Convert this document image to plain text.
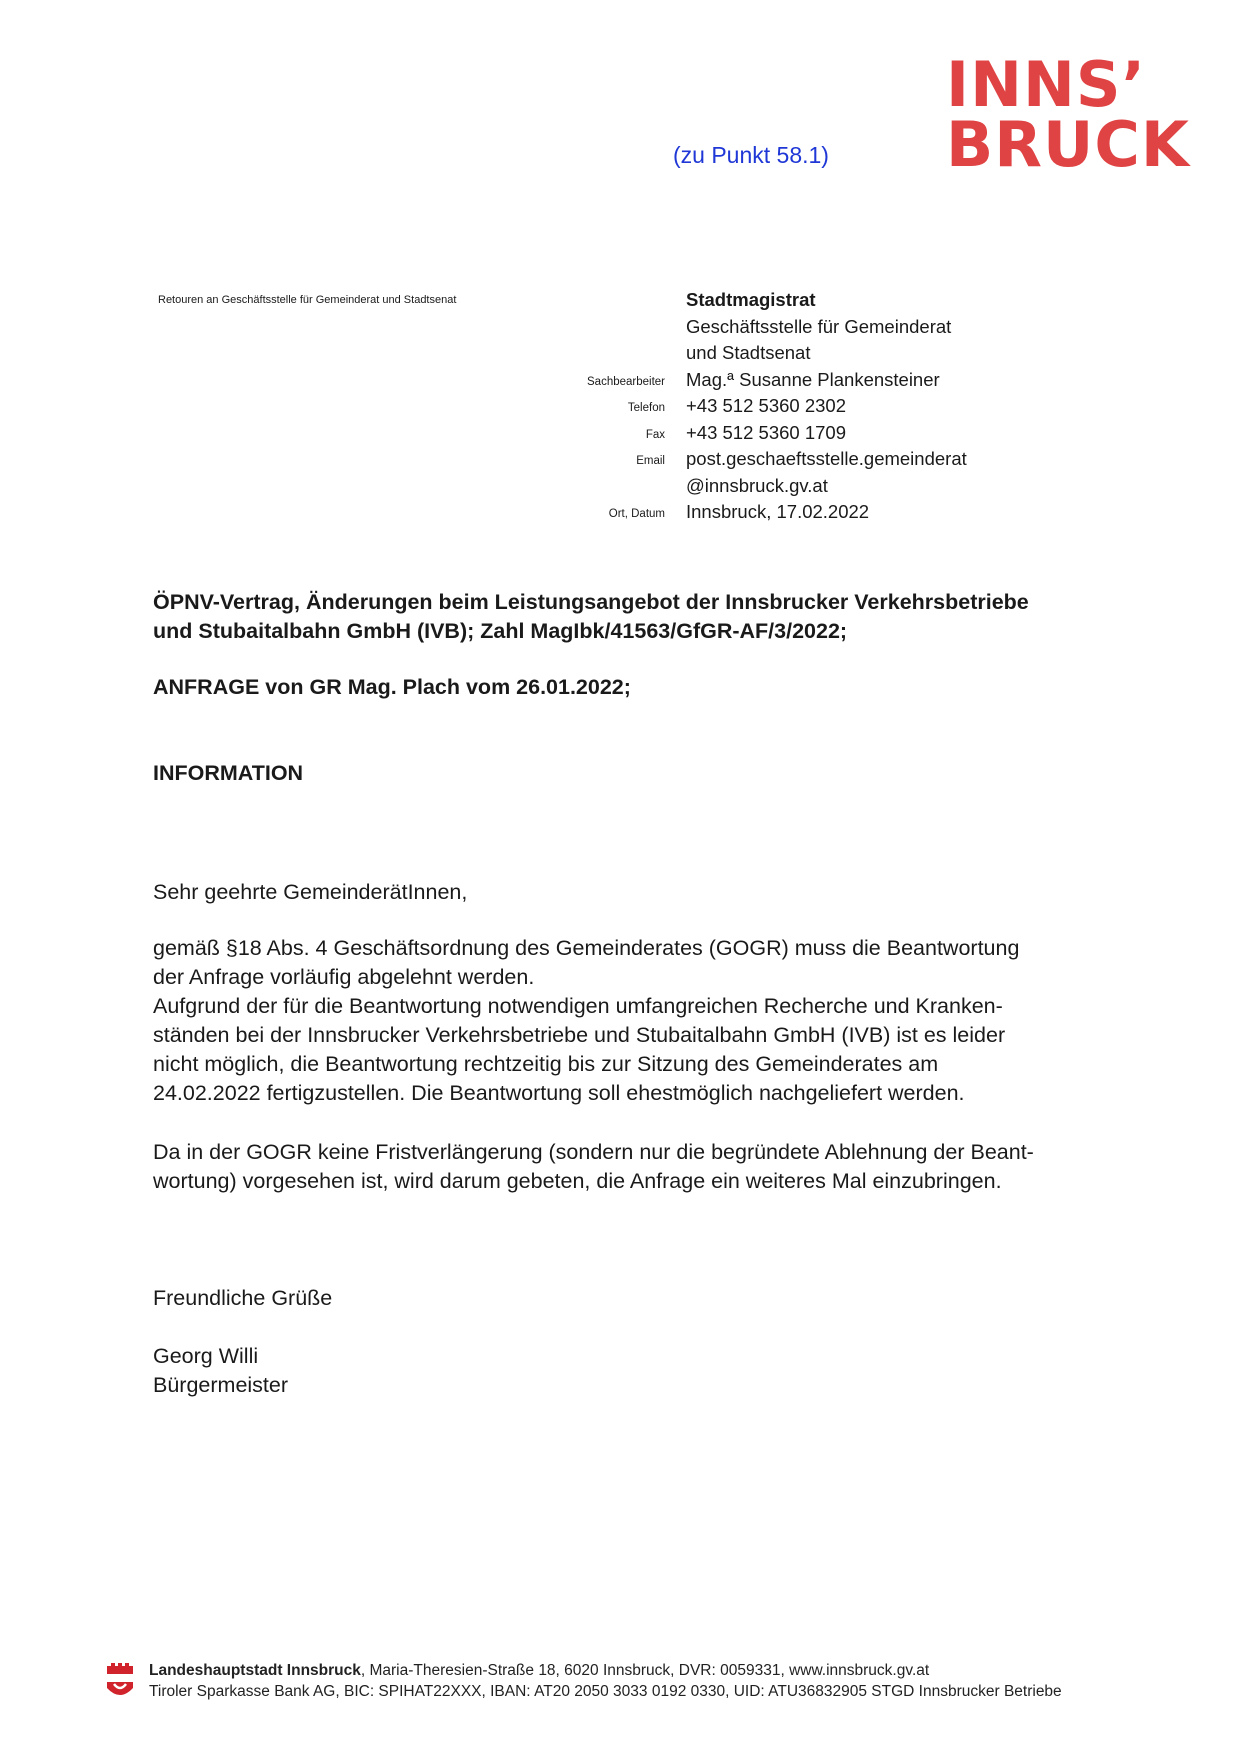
(zu Punkt 58.1)
INNS’
BRUCK
Retouren an Geschäftsstelle für Gemeinderat und Stadtsenat
Sachbearbeiter
Telefon
Fax
Email
Ort, Datum
Stadtmagistrat
Geschäftsstelle für Gemeinderat
und Stadtsenat
Mag.ª Susanne Plankensteiner
+43 512 5360 2302
+43 512 5360 1709
post.geschaeftsstelle.gemeinderat
@innsbruck.gv.at
Innsbruck, 17.02.2022
ÖPNV-Vertrag, Änderungen beim Leistungsangebot der Innsbrucker Verkehrsbetriebe
und Stubaitalbahn GmbH (IVB); Zahl MagIbk/41563/GfGR-AF/3/2022;
ANFRAGE von GR Mag. Plach vom 26.01.2022;
INFORMATION
Sehr geehrte GemeinderätInnen,
gemäß §18 Abs. 4 Geschäftsordnung des Gemeinderates (GOGR) muss die Beantwortung
der Anfrage vorläufig abgelehnt werden.
Aufgrund der für die Beantwortung notwendigen umfangreichen Recherche und Kranken-
ständen bei der Innsbrucker Verkehrsbetriebe und Stubaitalbahn GmbH (IVB) ist es leider
nicht möglich, die Beantwortung rechtzeitig bis zur Sitzung des Gemeinderates am
24.02.2022 fertigzustellen. Die Beantwortung soll ehestmöglich nachgeliefert werden.
Da in der GOGR keine Fristverlängerung (sondern nur die begründete Ablehnung der Beant-
wortung) vorgesehen ist, wird darum gebeten, die Anfrage ein weiteres Mal einzubringen.
Freundliche Grüße
Georg Willi
Bürgermeister
Landeshauptstadt Innsbruck, Maria-Theresien-Straße 18, 6020 Innsbruck, DVR: 0059331, www.innsbruck.gv.at
Tiroler Sparkasse Bank AG, BIC: SPIHAT22XXX, IBAN: AT20 2050 3033 0192 0330, UID: ATU36832905 STGD Innsbrucker Betriebe
